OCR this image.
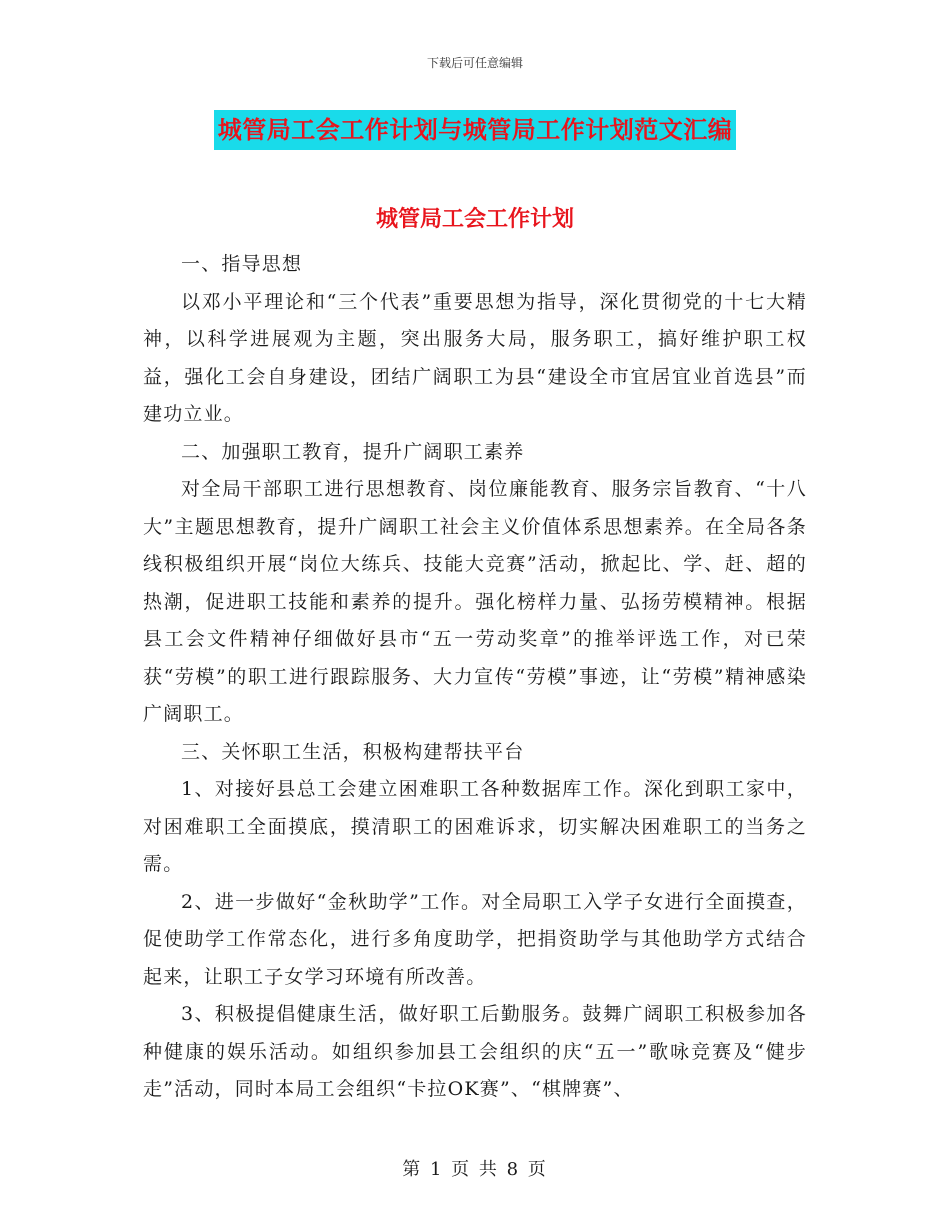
下载后可任意编辑
城管局工会工作计划与城管局工作计划范文汇编
城管局工会工作计划

一、指导思想

以邓小平理论和“三个代表”重要思想为指导，深化贯彻党的十七大精神，以科学进展观为主题，突出服务大局，服务职工，搞好维护职工权益，强化工会自身建设，团结广阔职工为县“建设全市宜居宜业首选县”而建功立业。

二、加强职工教育，提升广阔职工素养

对全局干部职工进行思想教育、岗位廉能教育、服务宗旨教育、“十八大”主题思想教育，提升广阔职工社会主义价值体系思想素养。在全局各条线积极组织开展“岗位大练兵、技能大竞赛”活动，掀起比、学、赶、超的热潮，促进职工技能和素养的提升。强化榜样力量、弘扬劳模精神。根据县工会文件精神仔细做好县市“五一劳动奖章”的推举评选工作，对已荣获“劳模”的职工进行跟踪服务、大力宣传“劳模”事迹，让“劳模”精神感染广阔职工。

三、关怀职工生活，积极构建帮扶平台

1、对接好县总工会建立困难职工各种数据库工作。深化到职工家中，对困难职工全面摸底，摸清职工的困难诉求，切实解决困难职工的当务之需。

2、进一步做好“金秋助学”工作。对全局职工入学子女进行全面摸查，促使助学工作常态化，进行多角度助学，把捐资助学与其他助学方式结合起来，让职工子女学习环境有所改善。

3、积极提倡健康生活，做好职工后勤服务。鼓舞广阔职工积极参加各种健康的娱乐活动。如组织参加县工会组织的庆“五一”歌咏竞赛及“健步走”活动，同时本局工会组织“卡拉OK赛”、“棋牌赛”、

第 1 页 共 8 页
